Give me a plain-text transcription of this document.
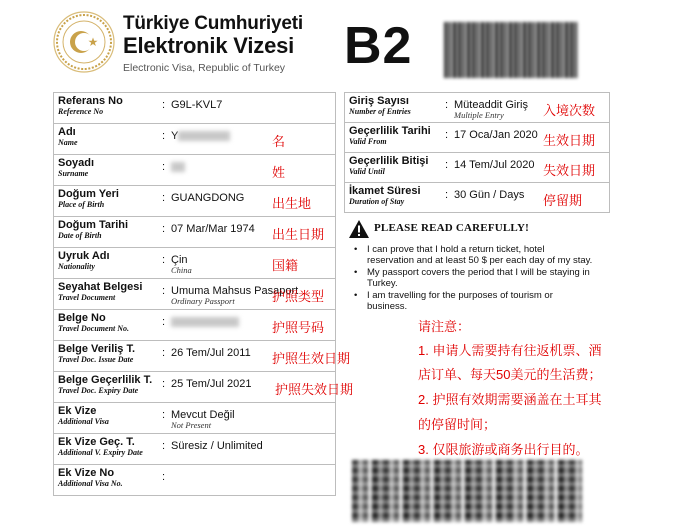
Türkiye Cumhuriyeti
Elektronik Vizesi
Electronic Visa, Republic of Turkey B2
Referans No
Reference No
: G9L-KVL7
Adı
Name
: Y	名
Soyadı
Surname
:	姓
Doğum Yeri
Place of Birth
: GUANGDONG 出生地
Doğum Tarihi
Date of Birth
: 07 Mar/Mar 1974 出生日期
Uyruk Adı
Nationality
: Çin
China	国籍
Seyahat Belgesi
Travel Document
: Umuma Mahsus Pasaport
Ordinary Passport	护照类型
Belge No
Travel Document No.
:	护照号码
Belge Veriliş T.
Travel Doc. Issue Date
: 26 Tem/Jul 2011 护照生效日期
Belge Geçerlilik T.
Travel Doc. Expiry Date
: 25 Tem/Jul 2021 护照失效日期
Ek Vize
Additional Visa
: Mevcut Değil
Not Present
Ek Vize Geç. T.
Additional V. Expiry Date
: Süresiz / Unlimited
Ek Vize No
Additional Visa No.
:
Giriş Sayısı
Number of Entries
: Müteaddit Giriş
Multiple Entry	入境次数
Geçerlilik Tarihi
Valid From
: 17 Oca/Jan 2020 生效日期
Geçerlilik Bitişi
Valid Until
: 14 Tem/Jul 2020 失效日期
İkamet Süresi
Duration of Stay
: 30 Gün / Days 停留期
PLEASE READ CAREFULLY!
• I can prove that I hold a return ticket, hotel reservation and at least 50 $ per each day of my stay.
• My passport covers the period that I will be staying in Turkey.
• I am travelling for the purposes of tourism or business.
请注意：
1. 申请人需要持有往返机票、酒
店订单、每天50美元的生活费；
2. 护照有效期需要涵盖在土耳其
的停留时间；
3. 仅限旅游或商务出行目的。
